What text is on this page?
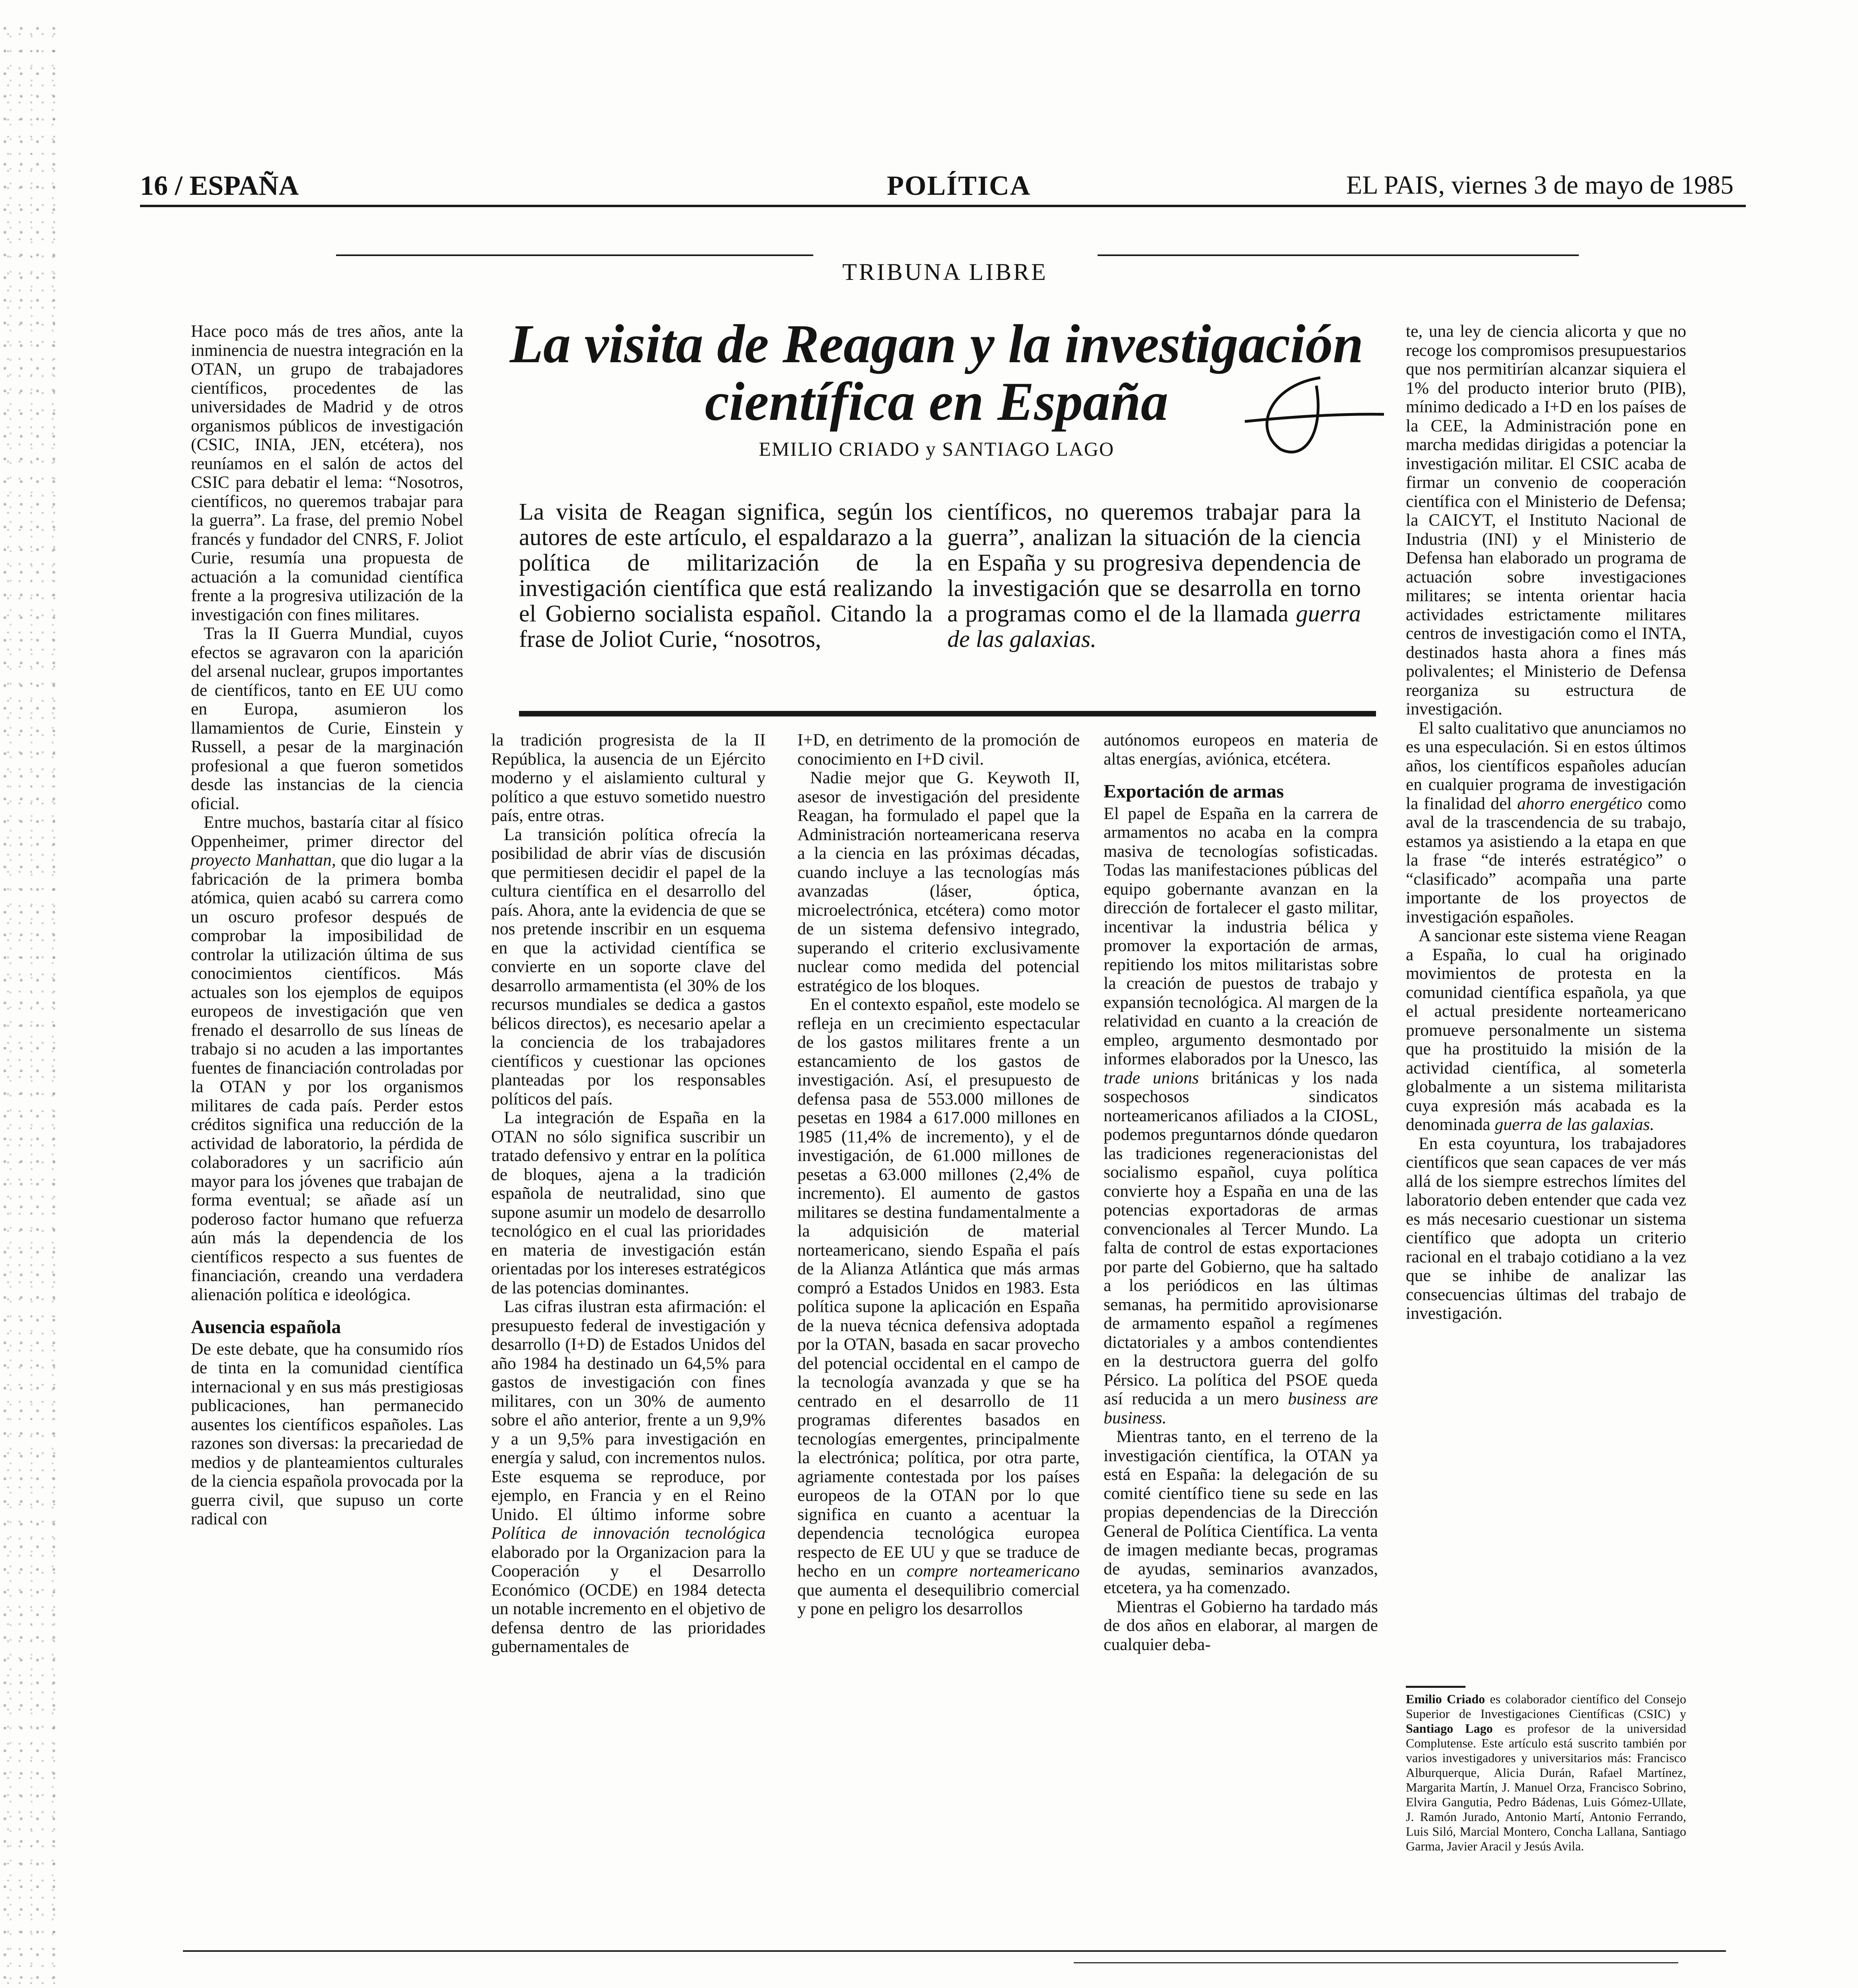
16 / ESPAÑA	POLÍTICA	EL PAIS, viernes 3 de mayo de 1985
TRIBUNA LIBRE
La visita de Reagan y la investigación
científica en España
EMILIO CRIADO y SANTIAGO LAGO
La visita de Reagan significa, según los autores de este artículo, el espaldarazo a la política de militarización de la investigación científica que está realizando el Gobierno socialista español. Citando la frase de Joliot Curie, “nosotros,
científicos, no queremos trabajar para la guerra”, analizan la situación de la ciencia en España y su progresiva dependencia de la investigación que se desarrolla en torno a programas como el de la llamada guerra de las galaxias.

Hace poco más de tres años, ante la inminencia de nuestra integración en la OTAN, un grupo de trabajadores científicos, procedentes de las universidades de Madrid y de otros organismos públicos de investigación (CSIC, INIA, JEN, etcétera), nos reuníamos en el salón de actos del CSIC para debatir el lema: “Nosotros, científicos, no queremos trabajar para la guerra”. La frase, del premio Nobel francés y fundador del CNRS, F. Joliot Curie, resumía una propuesta de actuación a la comunidad científica frente a la progresiva utilización de la investigación con fines militares.

Tras la II Guerra Mundial, cuyos efectos se agravaron con la aparición del arsenal nuclear, grupos importantes de científicos, tanto en EE UU como en Europa, asumieron los llamamientos de Curie, Einstein y Russell, a pesar de la marginación profesional a que fueron sometidos desde las instancias de la ciencia oficial.

Entre muchos, bastaría citar al físico Oppenheimer, primer director del proyecto Manhattan, que dio lugar a la fabricación de la primera bomba atómica, quien acabó su carrera como un oscuro profesor después de comprobar la imposibilidad de controlar la utilización última de sus conocimientos científicos. Más actuales son los ejemplos de equipos europeos de investigación que ven frenado el desarrollo de sus líneas de trabajo si no acuden a las importantes fuentes de financiación controladas por la OTAN y por los organismos militares de cada país. Perder estos créditos significa una reducción de la actividad de laboratorio, la pérdida de colaboradores y un sacrificio aún mayor para los jóvenes que trabajan de forma eventual; se añade así un poderoso factor humano que refuerza aún más la dependencia de los científicos respecto a sus fuentes de financiación, creando una verdadera alienación política e ideológica.

Ausencia española

De este debate, que ha consumido ríos de tinta en la comunidad científica internacional y en sus más prestigiosas publicaciones, han permanecido ausentes los científicos españoles. Las razones son diversas: la precariedad de medios y de planteamientos culturales de la ciencia española provocada por la guerra civil, que supuso un corte radical con

la tradición progresista de la II República, la ausencia de un Ejército moderno y el aislamiento cultural y político a que estuvo sometido nuestro país, entre otras.

La transición política ofrecía la posibilidad de abrir vías de discusión que permitiesen decidir el papel de la cultura científica en el desarrollo del país. Ahora, ante la evidencia de que se nos pretende inscribir en un esquema en que la actividad científica se convierte en un soporte clave del desarrollo armamentista (el 30% de los recursos mundiales se dedica a gastos bélicos directos), es necesario apelar a la conciencia de los trabajadores científicos y cuestionar las opciones planteadas por los responsables políticos del país.

La integración de España en la OTAN no sólo significa suscribir un tratado defensivo y entrar en la política de bloques, ajena a la tradición española de neutralidad, sino que supone asumir un modelo de desarrollo tecnológico en el cual las prioridades en materia de investigación están orientadas por los intereses estratégicos de las potencias dominantes.

Las cifras ilustran esta afirmación: el presupuesto federal de investigación y desarrollo (I+D) de Estados Unidos del año 1984 ha destinado un 64,5% para gastos de investigación con fines militares, con un 30% de aumento sobre el año anterior, frente a un 9,9% y a un 9,5% para investigación en energía y salud, con incrementos nulos. Este esquema se reproduce, por ejemplo, en Francia y en el Reino Unido. El último informe sobre Política de innovación tecnológica elaborado por la Organizacion para la Cooperación y el Desarrollo Económico (OCDE) en 1984 detecta un notable incremento en el objetivo de defensa dentro de las prioridades gubernamentales de

I+D, en detrimento de la promoción de conocimiento en I+D civil.

Nadie mejor que G. Keywoth II, asesor de investigación del presidente Reagan, ha formulado el papel que la Administración norteamericana reserva a la ciencia en las próximas décadas, cuando incluye a las tecnologías más avanzadas (láser, óptica, microelectrónica, etcétera) como motor de un sistema defensivo integrado, superando el criterio exclusivamente nuclear como medida del potencial estratégico de los bloques.

En el contexto español, este modelo se refleja en un crecimiento espectacular de los gastos militares frente a un estancamiento de los gastos de investigación. Así, el presupuesto de defensa pasa de 553.000 millones de pesetas en 1984 a 617.000 millones en 1985 (11,4% de incremento), y el de investigación, de 61.000 millones de pesetas a 63.000 millones (2,4% de incremento). El aumento de gastos militares se destina fundamentalmente a la adquisición de material norteamericano, siendo España el país de la Alianza Atlántica que más armas compró a Estados Unidos en 1983. Esta política supone la aplicación en España de la nueva técnica defensiva adoptada por la OTAN, basada en sacar provecho del potencial occidental en el campo de la tecnología avanzada y que se ha centrado en el desarrollo de 11 programas diferentes basados en tecnologías emergentes, principalmente la electrónica; política, por otra parte, agriamente contestada por los países europeos de la OTAN por lo que significa en cuanto a acentuar la dependencia tecnológica europea respecto de EE UU y que se traduce de hecho en un compre norteamericano que aumenta el desequilibrio comercial y pone en peligro los desarrollos

autónomos europeos en materia de altas energías, aviónica, etcétera.

Exportación de armas

El papel de España en la carrera de armamentos no acaba en la compra masiva de tecnologías sofisticadas. Todas las manifestaciones públicas del equipo gobernante avanzan en la dirección de fortalecer el gasto militar, incentivar la industria bélica y promover la exportación de armas, repitiendo los mitos militaristas sobre la creación de puestos de trabajo y expansión tecnológica. Al margen de la relatividad en cuanto a la creación de empleo, argumento desmontado por informes elaborados por la Unesco, las trade unions británicas y los nada sospechosos sindicatos norteamericanos afiliados a la CIOSL, podemos preguntarnos dónde quedaron las tradiciones regeneracionistas del socialismo español, cuya política convierte hoy a España en una de las potencias exportadoras de armas convencionales al Tercer Mundo. La falta de control de estas exportaciones por parte del Gobierno, que ha saltado a los periódicos en las últimas semanas, ha permitido aprovisionarse de armamento español a regímenes dictatoriales y a ambos contendientes en la destructora guerra del golfo Pérsico. La política del PSOE queda así reducida a un mero business are business.

Mientras tanto, en el terreno de la investigación científica, la OTAN ya está en España: la delegación de su comité científico tiene su sede en las propias dependencias de la Dirección General de Política Científica. La venta de imagen mediante becas, programas de ayudas, seminarios avanzados, etcetera, ya ha comenzado.

Mientras el Gobierno ha tardado más de dos años en elaborar, al margen de cualquier deba-

te, una ley de ciencia alicorta y que no recoge los compromisos presupuestarios que nos permitirían alcanzar siquiera el 1% del producto interior bruto (PIB), mínimo dedicado a I+D en los países de la CEE, la Administración pone en marcha medidas dirigidas a potenciar la investigación militar. El CSIC acaba de firmar un convenio de cooperación científica con el Ministerio de Defensa; la CAICYT, el Instituto Nacional de Industria (INI) y el Ministerio de Defensa han elaborado un programa de actuación sobre investigaciones militares; se intenta orientar hacia actividades estrictamente militares centros de investigación como el INTA, destinados hasta ahora a fines más polivalentes; el Ministerio de Defensa reorganiza su estructura de investigación.

El salto cualitativo que anunciamos no es una especulación. Si en estos últimos años, los científicos españoles aducían en cualquier programa de investigación la finalidad del ahorro energético como aval de la trascendencia de su trabajo, estamos ya asistiendo a la etapa en que la frase “de interés estratégico” o “clasificado” acompaña una parte importante de los proyectos de investigación españoles.

A sancionar este sistema viene Reagan a España, lo cual ha originado movimientos de protesta en la comunidad científica española, ya que el actual presidente norteamericano promueve personalmente un sistema que ha prostituido la misión de la actividad científica, al someterla globalmente a un sistema militarista cuya expresión más acabada es la denominada guerra de las galaxias.

En esta coyuntura, los trabajadores científicos que sean capaces de ver más allá de los siempre estrechos límites del laboratorio deben entender que cada vez es más necesario cuestionar un sistema científico que adopta un criterio racional en el trabajo cotidiano a la vez que se inhibe de analizar las consecuencias últimas del trabajo de investigación.

Emilio Criado es colaborador científico del Consejo Superior de Investigaciones Científicas (CSIC) y Santiago Lago es profesor de la universidad Complutense. Este artículo está suscrito también por varios investigadores y universitarios más: Francisco Alburquerque, Alicia Durán, Rafael Martínez, Margarita Martín, J. Manuel Orza, Francisco Sobrino, Elvira Gangutia, Pedro Bádenas, Luis Gómez-Ullate, J. Ramón Jurado, Antonio Martí, Antonio Ferrando, Luis Siló, Marcial Montero, Concha Lallana, Santiago Garma, Javier Aracil y Jesús Avila.
